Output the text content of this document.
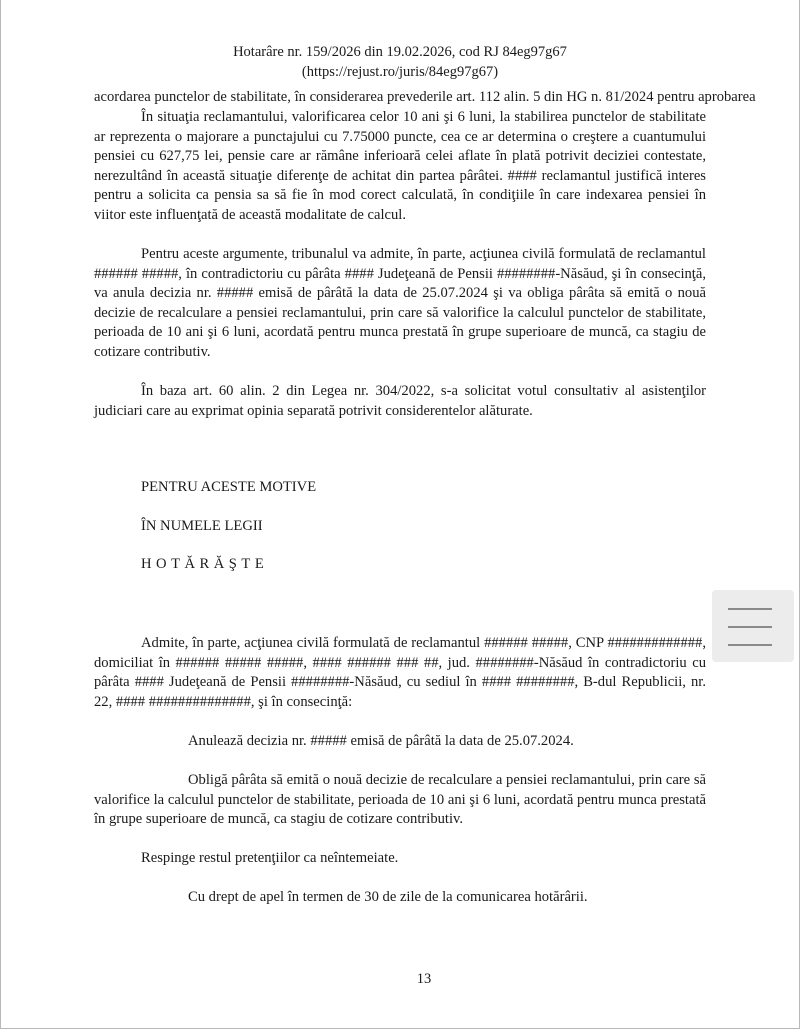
Hotarâre nr. 159/2026 din 19.02.2026, cod RJ 84eg97g67
(https://rejust.ro/juris/84eg97g67)
acordarea punctelor de stabilitate, în considerarea prevederile art. 112 alin. 5 din HG n. 81/2024 pentru aprobarea

În situaţia reclamantului, valorificarea celor 10 ani şi 6 luni, la stabilirea punctelor de stabilitate ar reprezenta o majorare a punctajului cu 7.75000 puncte, cea ce ar determina o creştere a cuantumului pensiei cu 627,75 lei, pensie care ar rămâne inferioară celei aflate în plată potrivit deciziei contestate, nerezultând în această situaţie diferenţe de achitat din partea pârâtei. #### reclamantul justifică interes pentru a solicita ca pensia sa să fie în mod corect calculată, în condiţiile în care indexarea pensiei în viitor este influenţată de această modalitate de calcul.

Pentru aceste argumente, tribunalul va admite, în parte, acţiunea civilă formulată de reclamantul ###### #####, în contradictoriu cu pârâta #### Judeţeană de Pensii ########-Năsăud, şi în consecinţă, va anula decizia nr. ##### emisă de pârâtă la data de 25.07.2024 şi va obliga pârâta să emită o nouă decizie de recalculare a pensiei reclamantului, prin care să valorifice la calculul punctelor de stabilitate, perioada de 10 ani şi 6 luni, acordată pentru munca prestată în grupe superioare de muncă, ca stagiu de cotizare contributiv.

În baza art. 60 alin. 2 din Legea nr. 304/2022, s-a solicitat votul consultativ al asistenţilor judiciari care au exprimat opinia separată potrivit considerentelor alăturate.

PENTRU ACESTE MOTIVE
ÎN NUMELE LEGII
HOTĂRĂŞTE

Admite, în parte, acţiunea civilă formulată de reclamantul ###### #####, CNP #############, domiciliat în ###### ##### #####, #### ###### ### ##, jud. ########-Năsăud în contradictoriu cu pârâta #### Judeţeană de Pensii ########-Năsăud, cu sediul în #### ########, B-dul Republicii, nr. 22, #### ##############, şi în consecinţă:

Anulează decizia nr. ##### emisă de pârâtă la data de 25.07.2024.

Obligă pârâta să emită o nouă decizie de recalculare a pensiei reclamantului, prin care să valorifice la calculul punctelor de stabilitate, perioada de 10 ani şi 6 luni, acordată pentru munca prestată în grupe superioare de muncă, ca stagiu de cotizare contributiv.

Respinge restul pretenţiilor ca neîntemeiate.

Cu drept de apel în termen de 30 de zile de la comunicarea hotărârii.

13
